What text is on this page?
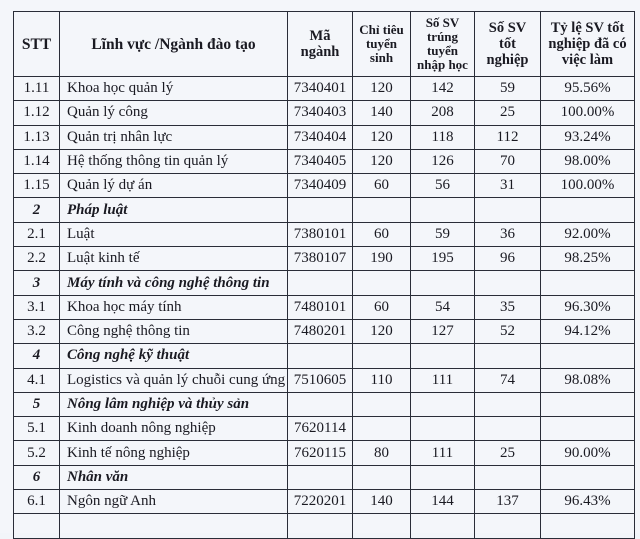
STT	Lĩnh vực /Ngành đào tạo	Mã ngành	Chỉ tiêu tuyển sinh	Số SV trúng tuyển nhập học	Số SV tốt nghiệp	Tỷ lệ SV tốt nghiệp đã có việc làm
1.11	Khoa học quản lý	7340401	120	142	59	95.56%
1.12	Quản lý công	7340403	140	208	25	100.00%
1.13	Quản trị nhân lực	7340404	120	118	112	93.24%
1.14	Hệ thống thông tin quản lý	7340405	120	126	70	98.00%
1.15	Quản lý dự án	7340409	60	56	31	100.00%
2	Pháp luật					
2.1	Luật	7380101	60	59	36	92.00%
2.2	Luật kinh tế	7380107	190	195	96	98.25%
3	Máy tính và công nghệ thông tin					
3.1	Khoa học máy tính	7480101	60	54	35	96.30%
3.2	Công nghệ thông tin	7480201	120	127	52	94.12%
4	Công nghệ kỹ thuật					
4.1	Logistics và quản lý chuỗi cung ứng	7510605	110	111	74	98.08%
5	Nông lâm nghiệp và thủy sản					
5.1	Kinh doanh nông nghiệp	7620114				
5.2	Kinh tế nông nghiệp	7620115	80	111	25	90.00%
6	Nhân văn					
6.1	Ngôn ngữ Anh	7220201	140	144	137	96.43%
